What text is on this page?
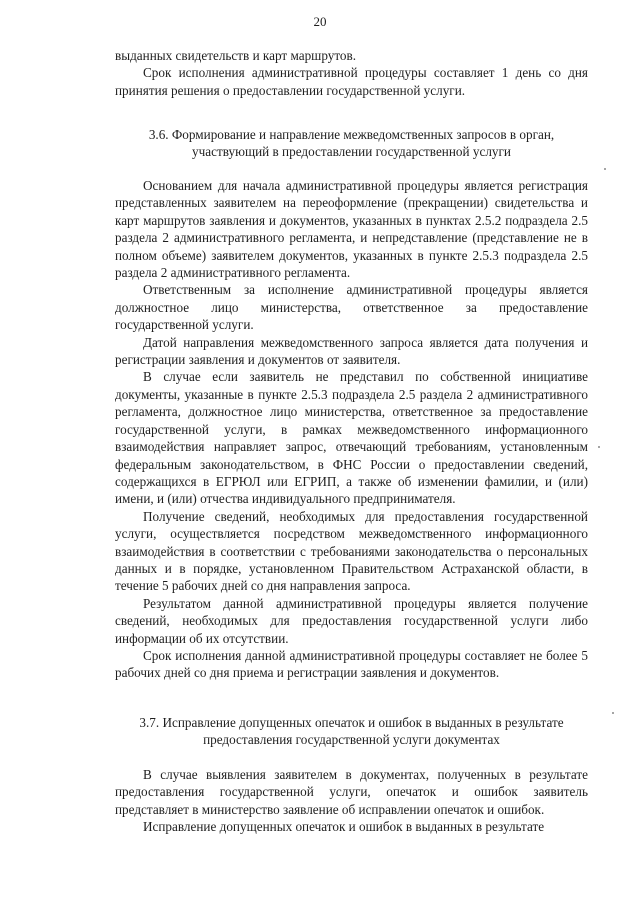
20

выданных свидетельств и карт маршрутов.

Срок исполнения административной процедуры составляет 1 день со дня принятия решения о предоставлении государственной услуги.

3.6. Формирование и направление межведомственных запросов в орган, участвующий в предоставлении государственной услуги

Основанием для начала административной процедуры является регистрация представленных заявителем на переоформление (прекращении) свидетельства и карт маршрутов заявления и документов, указанных в пунктах 2.5.2 подраздела 2.5 раздела 2 административного регламента, и непредставление (представление не в полном объеме) заявителем документов, указанных в пункте 2.5.3 подраздела 2.5 раздела 2 административного регламента.

Ответственным за исполнение административной процедуры является должностное лицо министерства, ответственное за предоставление государственной услуги.

Датой направления межведомственного запроса является дата получения и регистрации заявления и документов от заявителя.

В случае если заявитель не представил по собственной инициативе документы, указанные в пункте 2.5.3 подраздела 2.5 раздела 2 административного регламента, должностное лицо министерства, ответственное за предоставление государственной услуги, в рамках межведомственного информационного взаимодействия направляет запрос, отвечающий требованиям, установленным федеральным законодательством, в ФНС России о предоставлении сведений, содержащихся в ЕГРЮЛ или ЕГРИП, а также об изменении фамилии, и (или) имени, и (или) отчества индивидуального предпринимателя.

Получение сведений, необходимых для предоставления государственной услуги, осуществляется посредством межведомственного информационного взаимодействия в соответствии с требованиями законодательства о персональных данных и в порядке, установленном Правительством Астраханской области, в течение 5 рабочих дней со дня направления запроса.

Результатом данной административной процедуры является получение сведений, необходимых для предоставления государственной услуги либо информации об их отсутствии.

Срок исполнения данной административной процедуры составляет не более 5 рабочих дней со дня приема и регистрации заявления и документов.

3.7. Исправление допущенных опечаток и ошибок в выданных в результате предоставления государственной услуги документах

В случае выявления заявителем в документах, полученных в результате предоставления государственной услуги, опечаток и ошибок заявитель представляет в министерство заявление об исправлении опечаток и ошибок.

Исправление допущенных опечаток и ошибок в выданных в результате
